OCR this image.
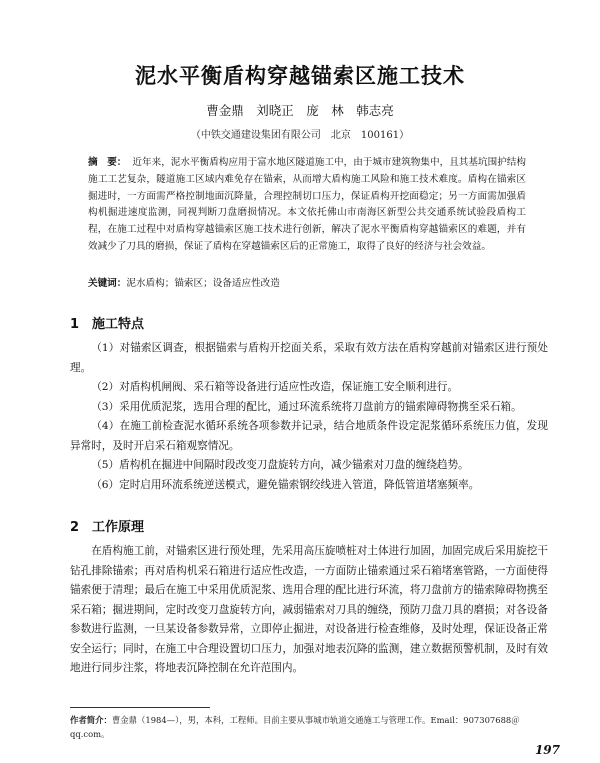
泥水平衡盾构穿越锚索区施工技术
曹金鼎　刘晓正　庞　林　韩志亮
（中铁交通建设集团有限公司　北京　100161）
摘　要： 近年来，泥水平衡盾构应用于富水地区隧道施工中，由于城市建筑物集中，且其基坑围护结构施工工艺复杂，隧道施工区域内难免存在锚索，从而增大盾构施工风险和施工技术难度。盾构在锚索区掘进时，一方面需严格控制地面沉降量，合理控制切口压力，保证盾构开挖面稳定；另一方面需加强盾构机掘进速度监测，同视判断刀盘磨损情况。本文依托佛山市南海区新型公共交通系统试验段盾构工程，在施工过程中对盾构穿越锚索区施工技术进行创新，解决了泥水平衡盾构穿越锚索区的难题，并有效减少了刀具的磨损，保证了盾构在穿越锚索区后的正常施工，取得了良好的经济与社会效益。
关键词：泥水盾构；锚索区；设备适应性改造
1 施工特点

（1）对锚索区调查，根据锚索与盾构开挖面关系，采取有效方法在盾构穿越前对锚索区进行预处理。

（2）对盾构机闸阀、采石箱等设备进行适应性改造，保证施工安全顺利进行。

（3）采用优质泥浆，选用合理的配比，通过环流系统将刀盘前方的锚索障碍物携至采石箱。

（4）在施工前检查泥水循环系统各项参数并记录，结合地质条件设定泥浆循环系统压力值，发现异常时，及时开启采石箱观察情况。

（5）盾构机在掘进中间隔时段改变刀盘旋转方向，减少锚索对刀盘的缠绕趋势。

（6）定时启用环流系统逆送模式，避免锚索钢绞线进入管道，降低管道堵塞频率。

2 工作原理

在盾构施工前，对锚索区进行预处理，先采用高压旋喷桩对土体进行加固，加固完成后采用旋挖干钻孔排除锚索；再对盾构机采石箱进行适应性改造，一方面防止锚索通过采石箱堵塞管路，一方面使得锚索便于清理；最后在施工中采用优质泥浆、选用合理的配比进行环流，将刀盘前方的锚索障碍物携至采石箱；掘进期间，定时改变刀盘旋转方向，减弱锚索对刀具的缠绕，预防刀盘刀具的磨损；对各设备参数进行监测，一旦某设备参数异常，立即停止掘进，对设备进行检查维修，及时处理，保证设备正常安全运行；同时，在施工中合理设置切口压力，加强对地表沉降的监测，建立数据预警机制，及时有效地进行同步注浆，将地表沉降控制在允许范围内。

作者简介：曹金鼎（1984—），男，本科，工程师。目前主要从事城市轨道交通施工与管理工作。Email：907307688＠qq.com。
197
